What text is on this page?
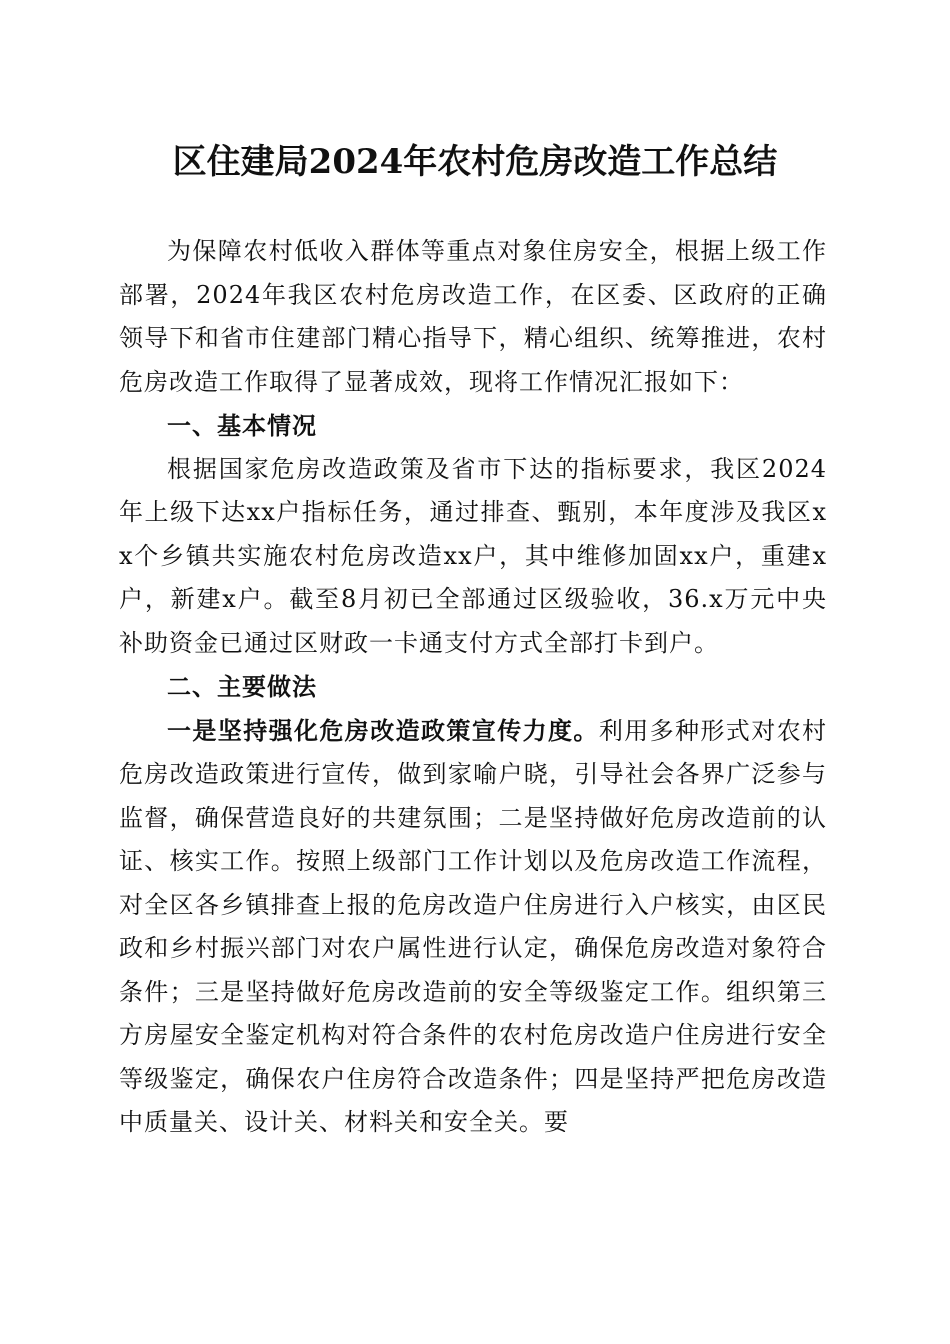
区住建局2024年农村危房改造工作总结

为保障农村低收入群体等重点对象住房安全，根据上级工作部署，2024年我区农村危房改造工作，在区委、区政府的正确领导下和省市住建部门精心指导下，精心组织、统筹推进，农村危房改造工作取得了显著成效，现将工作情况汇报如下：

一、基本情况

根据国家危房改造政策及省市下达的指标要求，我区2024年上级下达xx户指标任务，通过排查、甄别，本年度涉及我区xx个乡镇共实施农村危房改造xx户，其中维修加固xx户，重建x户，新建x户。截至8月初已全部通过区级验收，36.x万元中央补助资金已通过区财政一卡通支付方式全部打卡到户。

二、主要做法

一是坚持强化危房改造政策宣传力度。利用多种形式对农村危房改造政策进行宣传，做到家喻户晓，引导社会各界广泛参与监督，确保营造良好的共建氛围；二是坚持做好危房改造前的认证、核实工作。按照上级部门工作计划以及危房改造工作流程，对全区各乡镇排查上报的危房改造户住房进行入户核实，由区民政和乡村振兴部门对农户属性进行认定，确保危房改造对象符合条件；三是坚持做好危房改造前的安全等级鉴定工作。组织第三方房屋安全鉴定机构对符合条件的农村危房改造户住房进行安全等级鉴定，确保农户住房符合改造条件；四是坚持严把危房改造中质量关、设计关、材料关和安全关。要
